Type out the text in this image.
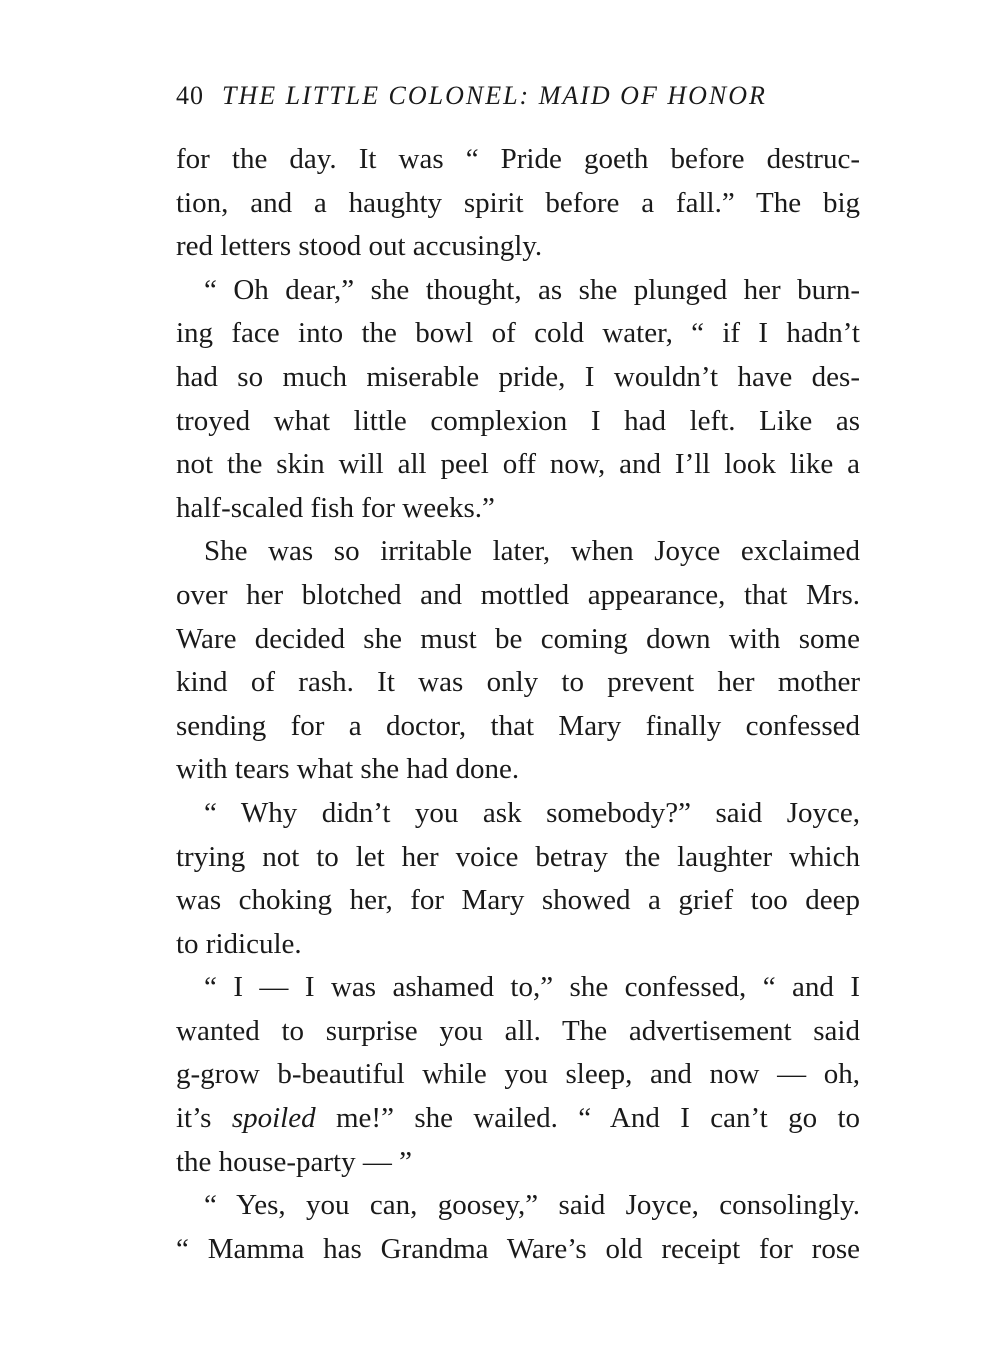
40 THE LITTLE COLONEL: MAID OF HONOR
for the day. It was “ Pride goeth before destruc-
tion, and a haughty spirit before a fall.” The big
red letters stood out accusingly.
“ Oh dear,” she thought, as she plunged her burn-
ing face into the bowl of cold water, “ if I hadn’t
had so much miserable pride, I wouldn’t have des-
troyed what little complexion I had left. Like as
not the skin will all peel off now, and I’ll look like a
half-scaled fish for weeks.”
She was so irritable later, when Joyce exclaimed
over her blotched and mottled appearance, that Mrs.
Ware decided she must be coming down with some
kind of rash. It was only to prevent her mother
sending for a doctor, that Mary finally confessed
with tears what she had done.
“ Why didn’t you ask somebody?” said Joyce,
trying not to let her voice betray the laughter which
was choking her, for Mary showed a grief too deep
to ridicule.
“ I — I was ashamed to,” she confessed, “ and I
wanted to surprise you all. The advertisement said
g-grow b-beautiful while you sleep, and now — oh,
it’s spoiled me!” she wailed. “ And I can’t go to
the house-party — ”
“ Yes, you can, goosey,” said Joyce, consolingly.
“ Mamma has Grandma Ware’s old receipt for rose
